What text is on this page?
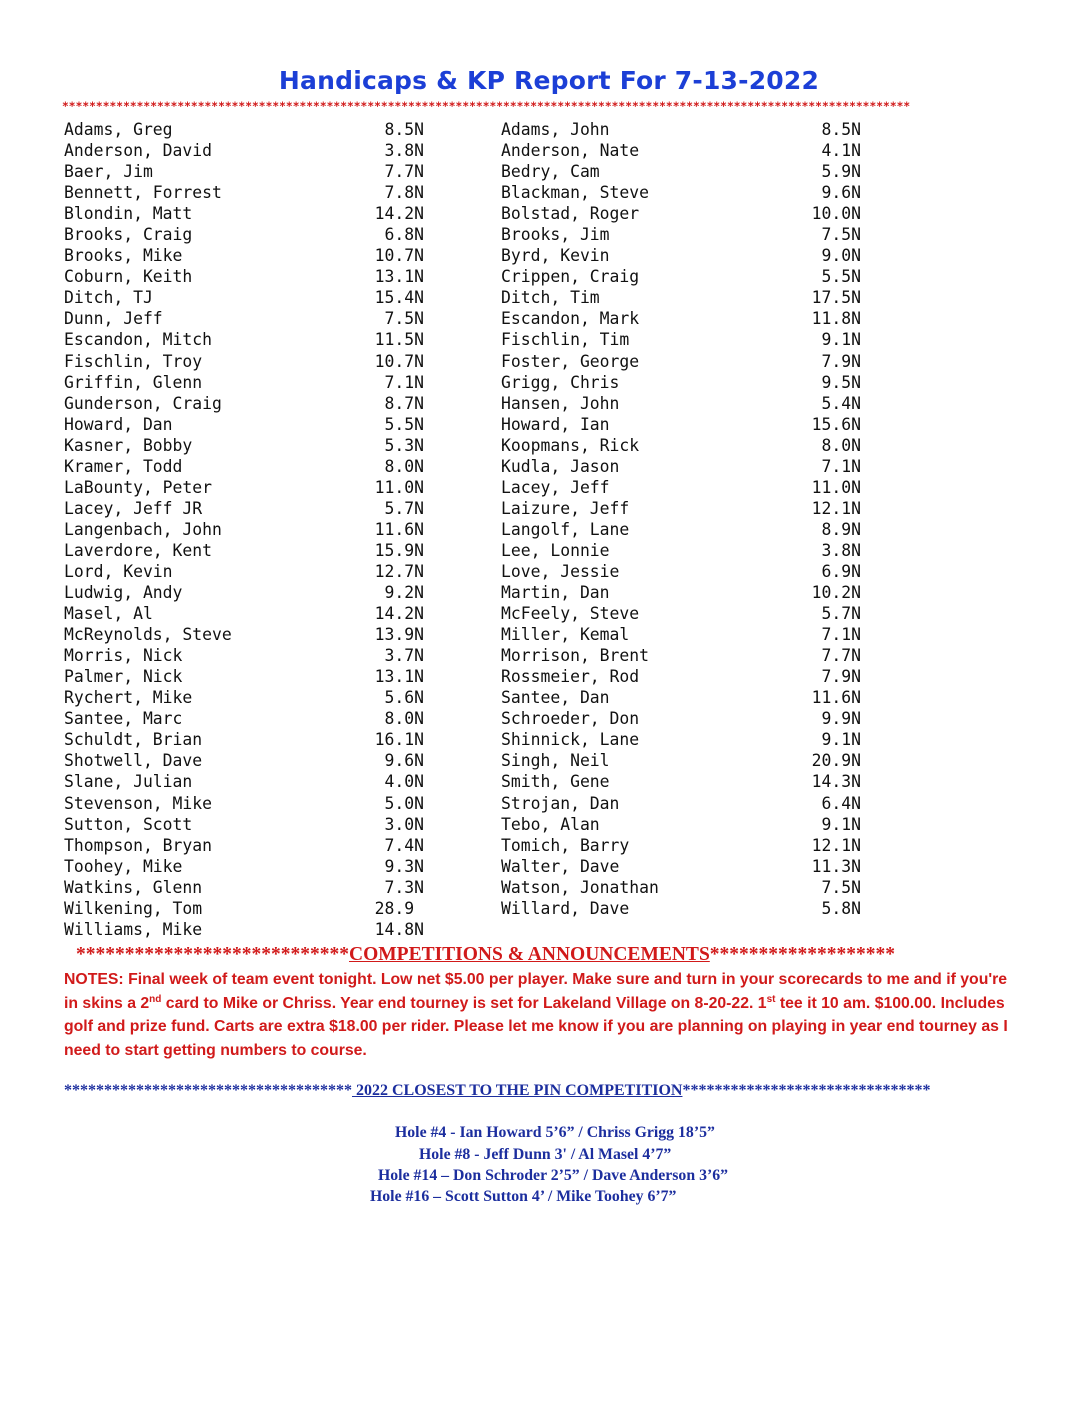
Handicaps & KP Report For 7-13-2022
*****************************************************************************************************************************
Adams, Greg	8.5N	Adams, John	8.5N
Anderson, David	3.8N	Anderson, Nate	4.1N
Baer, Jim	7.7N	Bedry, Cam	5.9N
Bennett, Forrest	7.8N	Blackman, Steve	9.6N
Blondin, Matt	14.2N	Bolstad, Roger	10.0N
Brooks, Craig	6.8N	Brooks, Jim	7.5N
Brooks, Mike	10.7N	Byrd, Kevin	9.0N
Coburn, Keith	13.1N	Crippen, Craig	5.5N
Ditch, TJ	15.4N	Ditch, Tim	17.5N
Dunn, Jeff	7.5N	Escandon, Mark	11.8N
Escandon, Mitch	11.5N	Fischlin, Tim	9.1N
Fischlin, Troy	10.7N	Foster, George	7.9N
Griffin, Glenn	7.1N	Grigg, Chris	9.5N
Gunderson, Craig	8.7N	Hansen, John	5.4N
Howard, Dan	5.5N	Howard, Ian	15.6N
Kasner, Bobby	5.3N	Koopmans, Rick	8.0N
Kramer, Todd	8.0N	Kudla, Jason	7.1N
LaBounty, Peter	11.0N	Lacey, Jeff	11.0N
Lacey, Jeff JR	5.7N	Laizure, Jeff	12.1N
Langenbach, John	11.6N	Langolf, Lane	8.9N
Laverdore, Kent	15.9N	Lee, Lonnie	3.8N
Lord, Kevin	12.7N	Love, Jessie	6.9N
Ludwig, Andy	9.2N	Martin, Dan	10.2N
Masel, Al	14.2N	McFeely, Steve	5.7N
McReynolds, Steve	13.9N	Miller, Kemal	7.1N
Morris, Nick	3.7N	Morrison, Brent	7.7N
Palmer, Nick	13.1N	Rossmeier, Rod	7.9N
Rychert, Mike	5.6N	Santee, Dan	11.6N
Santee, Marc	8.0N	Schroeder, Don	9.9N
Schuldt, Brian	16.1N	Shinnick, Lane	9.1N
Shotwell, Dave	9.6N	Singh, Neil	20.9N
Slane, Julian	4.0N	Smith, Gene	14.3N
Stevenson, Mike	5.0N	Strojan, Dan	6.4N
Sutton, Scott	3.0N	Tebo, Alan	9.1N
Thompson, Bryan	7.4N	Tomich, Barry	12.1N
Toohey, Mike	9.3N	Walter, Dave	11.3N
Watkins, Glenn	7.3N	Watson, Jonathan	7.5N
Wilkening, Tom	28.9	Willard, Dave	5.8N
Williams, Mike	14.8N
****************************COMPETITIONS & ANNOUNCEMENTS*******************
NOTES: Final week of team event tonight. Low net $5.00 per player. Make sure and turn in your scorecards to me and if you're in skins a 2nd card to Mike or Chriss. Year end tourney is set for Lakeland Village on 8-20-22. 1st tee it 10 am. $100.00. Includes golf and prize fund. Carts are extra $18.00 per rider. Please let me know if you are planning on playing in year end tourney as I need to start getting numbers to course.
************************************ 2022 CLOSEST TO THE PIN COMPETITION*******************************
Hole #4 - Ian Howard 5’6” / Chriss Grigg 18’5”
Hole #8 - Jeff Dunn 3' / Al Masel 4’7”
Hole #14 – Don Schroder 2’5” / Dave Anderson 3’6”
Hole #16 – Scott Sutton 4’ / Mike Toohey 6’7”
